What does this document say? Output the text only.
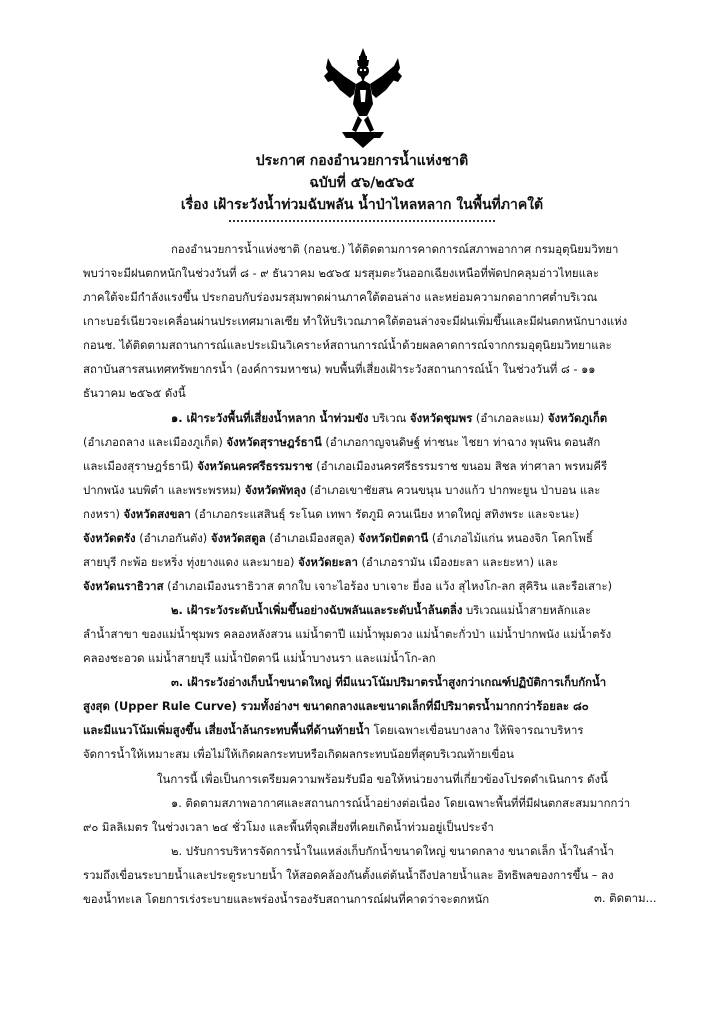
ประกาศ กองอำนวยการน้ำแห่งชาติ
ฉบับที่ ๕๖/๒๕๖๕
เรื่อง เฝ้าระวังน้ำท่วมฉับพลัน น้ำป่าไหลหลาก ในพื้นที่ภาคใต้
กองอำนวยการน้ำแห่งชาติ (กอนช.) ได้ติดตามการคาดการณ์สภาพอากาศ กรมอุตุนิยมวิทยา
พบว่าจะมีฝนตกหนักในช่วงวันที่ ๘ - ๙ ธันวาคม ๒๕๖๕ มรสุมตะวันออกเฉียงเหนือที่พัดปกคลุมอ่าวไทยและ
ภาคใต้จะมีกำลังแรงขึ้น ประกอบกับร่องมรสุมพาดผ่านภาคใต้ตอนล่าง และหย่อมความกดอากาศต่ำบริเวณ
เกาะบอร์เนียวจะเคลื่อนผ่านประเทศมาเลเซีย ทำให้บริเวณภาคใต้ตอนล่างจะมีฝนเพิ่มขึ้นและมีฝนตกหนักบางแห่ง
กอนช. ได้ติดตามสถานการณ์และประเมินวิเคราะห์สถานการณ์น้ำด้วยผลคาดการณ์จากกรมอุตุนิยมวิทยาและ
สถาบันสารสนเทศทรัพยากรน้ำ (องค์การมหาชน) พบพื้นที่เสี่ยงเฝ้าระวังสถานการณ์น้ำ ในช่วงวันที่ ๘ - ๑๑
ธันวาคม ๒๕๖๕ ดังนี้
๑. เฝ้าระวังพื้นที่เสี่ยงน้ำหลาก น้ำท่วมขัง บริเวณ จังหวัดชุมพร (อำเภอละแม) จังหวัดภูเก็ต
(อำเภอถลาง และเมืองภูเก็ต) จังหวัดสุราษฎร์ธานี (อำเภอกาญจนดิษฐ์ ท่าชนะ ไชยา ท่าฉาง พุนพิน ดอนสัก
และเมืองสุราษฎร์ธานี) จังหวัดนครศรีธรรมราช (อำเภอเมืองนครศรีธรรมราช ขนอม สิชล ท่าศาลา พรหมคีรี
ปากพนัง นบพิตำ และพระพรหม) จังหวัดพัทลุง (อำเภอเขาชัยสน ควนขนุน บางแก้ว ปากพะยูน ป่าบอน และ
กงหรา) จังหวัดสงขลา (อำเภอกระแสสินธุ์ ระโนด เทพา รัตภูมิ ควนเนียง หาดใหญ่ สทิงพระ และจะนะ)
จังหวัดตรัง (อำเภอกันตัง) จังหวัดสตูล (อำเภอเมืองสตูล) จังหวัดปัตตานี (อำเภอไม้แก่น หนองจิก โคกโพธิ์
สายบุรี กะพ้อ ยะหริ่ง ทุ่งยางแดง และมายอ) จังหวัดยะลา (อำเภอรามัน เมืองยะลา และยะหา) และ
จังหวัดนราธิวาส (อำเภอเมืองนราธิวาส ตากใบ เจาะไอร้อง บาเจาะ ยี่งอ แว้ง สุไหงโก-ลก สุคิริน และรือเสาะ)
๒. เฝ้าระวังระดับน้ำเพิ่มขึ้นอย่างฉับพลันและระดับน้ำล้นตลิ่ง บริเวณแม่น้ำสายหลักและ
ลำน้ำสาขา ของแม่น้ำชุมพร คลองหลังสวน แม่น้ำตาปี แม่น้ำพุมดวง แม่น้ำตะกั่วป่า แม่น้ำปากพนัง แม่น้ำตรัง
คลองชะอวด แม่น้ำสายบุรี แม่น้ำปัตตานี แม่น้ำบางนรา และแม่น้ำโก-ลก
๓. เฝ้าระวังอ่างเก็บน้ำขนาดใหญ่ ที่มีแนวโน้มปริมาตรน้ำสูงกว่าเกณฑ์ปฏิบัติการเก็บกักน้ำ
สูงสุด (Upper Rule Curve) รวมทั้งอ่างฯ ขนาดกลางและขนาดเล็กที่มีปริมาตรน้ำมากกว่าร้อยละ ๘๐
และมีแนวโน้มเพิ่มสูงขึ้น เสี่ยงน้ำล้นกระทบพื้นที่ด้านท้ายน้ำ โดยเฉพาะเขื่อนบางลาง ให้พิจารณาบริหาร
จัดการน้ำให้เหมาะสม เพื่อไม่ให้เกิดผลกระทบหรือเกิดผลกระทบน้อยที่สุดบริเวณท้ายเขื่อน
ในการนี้ เพื่อเป็นการเตรียมความพร้อมรับมือ ขอให้หน่วยงานที่เกี่ยวข้องโปรดดำเนินการ ดังนี้
๑. ติดตามสภาพอากาศและสถานการณ์น้ำอย่างต่อเนื่อง โดยเฉพาะพื้นที่ที่มีฝนตกสะสมมากกว่า
๙๐ มิลลิเมตร ในช่วงเวลา ๒๔ ชั่วโมง และพื้นที่จุดเสี่ยงที่เคยเกิดน้ำท่วมอยู่เป็นประจำ
๒. ปรับการบริหารจัดการน้ำในแหล่งเก็บกักน้ำขนาดใหญ่ ขนาดกลาง ขนาดเล็ก น้ำในลำน้ำ
รวมถึงเขื่อนระบายน้ำและประตูระบายน้ำ ให้สอดคล้องกันตั้งแต่ต้นน้ำถึงปลายน้ำและ อิทธิพลของการขึ้น – ลง
ของน้ำทะเล โดยการเร่งระบายและพร่องน้ำรองรับสถานการณ์ฝนที่คาดว่าจะตกหนัก	๓. ติดตาม...
